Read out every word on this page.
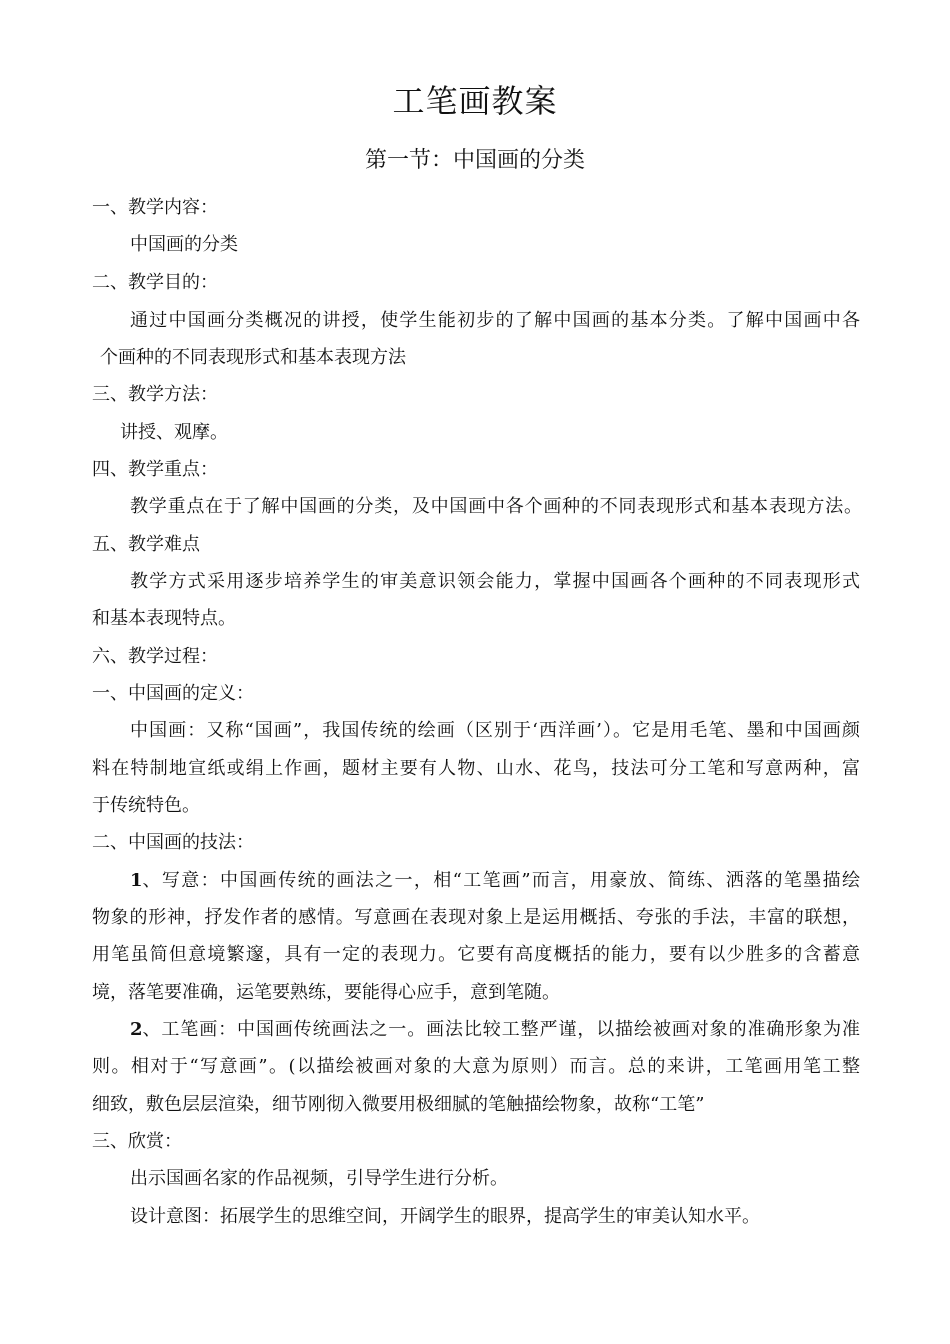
工笔画教案
第一节：中国画的分类
一、教学内容：
中国画的分类
二、教学目的：
通过中国画分类概况的讲授，使学生能初步的了解中国画的基本分类。了解中国画中各
个画种的不同表现形式和基本表现方法
三、教学方法：
讲授、观摩。
四、教学重点：
教学重点在于了解中国画的分类，及中国画中各个画种的不同表现形式和基本表现方法。
五、教学难点
教学方式采用逐步培养学生的审美意识领会能力，掌握中国画各个画种的不同表现形式
和基本表现特点。
六、教学过程：
一、中国画的定义：
中国画：又称“国画”，我国传统的绘画（区别于‘西洋画’）。它是用毛笔、墨和中国画颜
料在特制地宣纸或绢上作画，题材主要有人物、山水、花鸟，技法可分工笔和写意两种，富
于传统特色。
二、中国画的技法：
1 、写意：中国画传统的画法之一，相“工笔画”而言，用豪放、简练、洒落的笔墨描绘
物象的形神，抒发作者的感情。写意画在表现对象上是运用概括、夸张的手法，丰富的联想，
用笔虽简但意境繁邃，具有一定的表现力。它要有高度概括的能力，要有以少胜多的含蓄意
境，落笔要准确，运笔要熟练，要能得心应手，意到笔随。
2 、工笔画：中国画传统画法之一。画法比较工整严谨，以描绘被画对象的准确形象为准
则。相对于“写意画”。(以描绘被画对象的大意为原则）而言。总的来讲，工笔画用笔工整
细致，敷色层层渲染，细节刚彻入微要用极细腻的笔触描绘物象，故称“工笔”
三、欣赏：
出示国画名家的作品视频，引导学生进行分析。
设计意图：拓展学生的思维空间，开阔学生的眼界，提高学生的审美认知水平。
